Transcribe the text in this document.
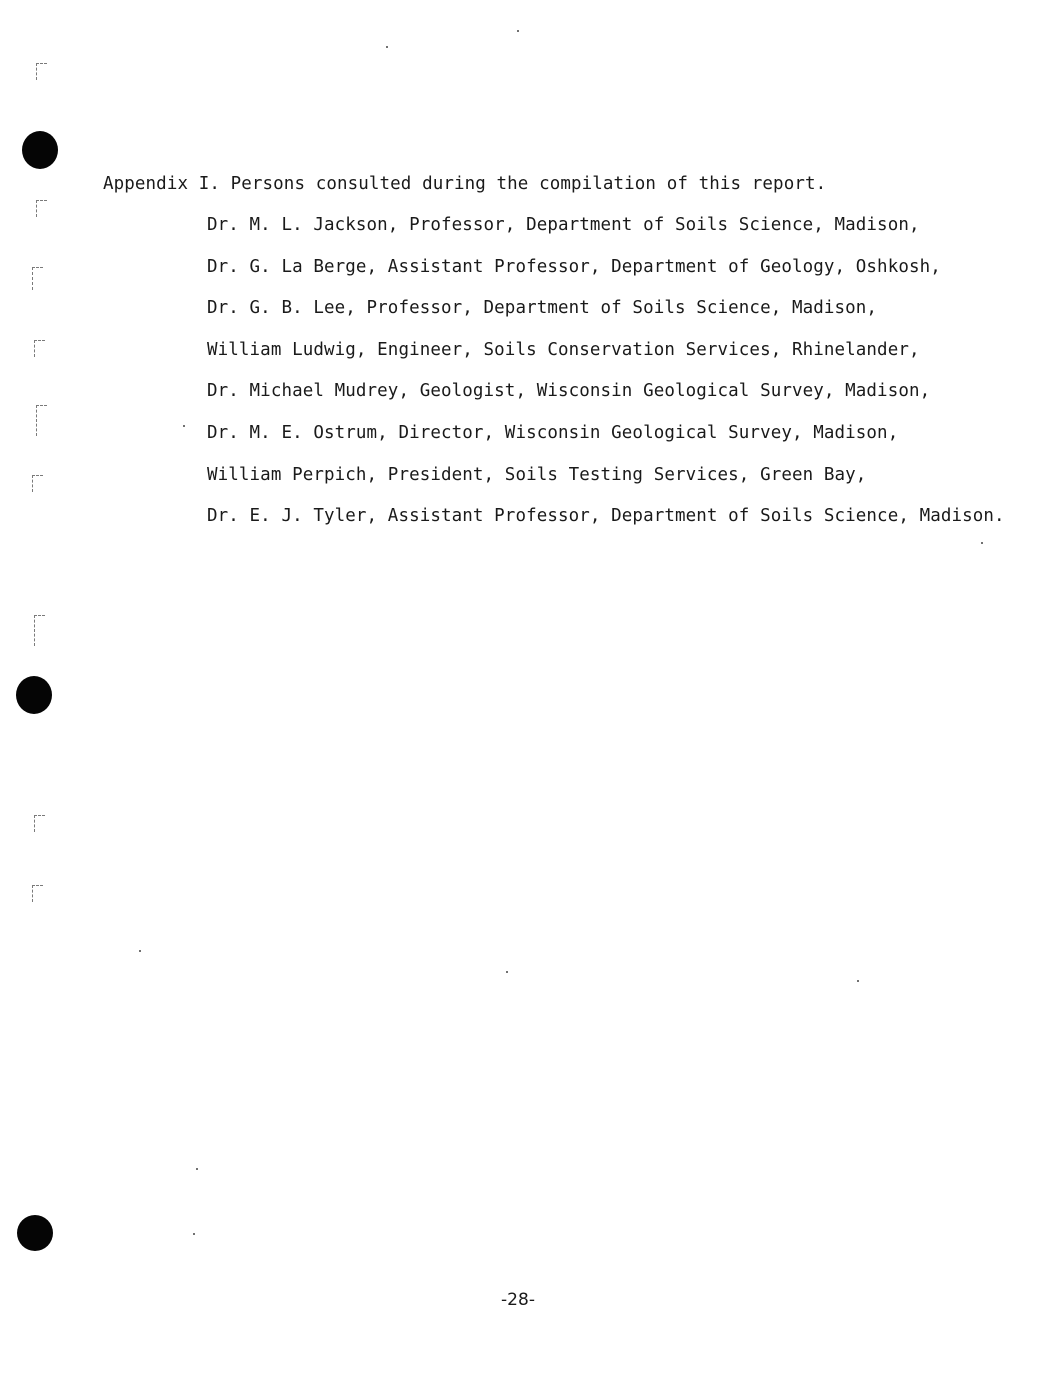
Appendix I. Persons consulted during the compilation of this report.
Dr. M. L. Jackson, Professor, Department of Soils Science, Madison,
Dr. G. La Berge, Assistant Professor, Department of Geology, Oshkosh,
Dr. G. B. Lee, Professor, Department of Soils Science, Madison,
William Ludwig, Engineer, Soils Conservation Services, Rhinelander,
Dr. Michael Mudrey, Geologist, Wisconsin Geological Survey, Madison,
Dr. M. E. Ostrum, Director, Wisconsin Geological Survey, Madison,
William Perpich, President, Soils Testing Services, Green Bay,
Dr. E. J. Tyler, Assistant Professor, Department of Soils Science, Madison.
-28-
